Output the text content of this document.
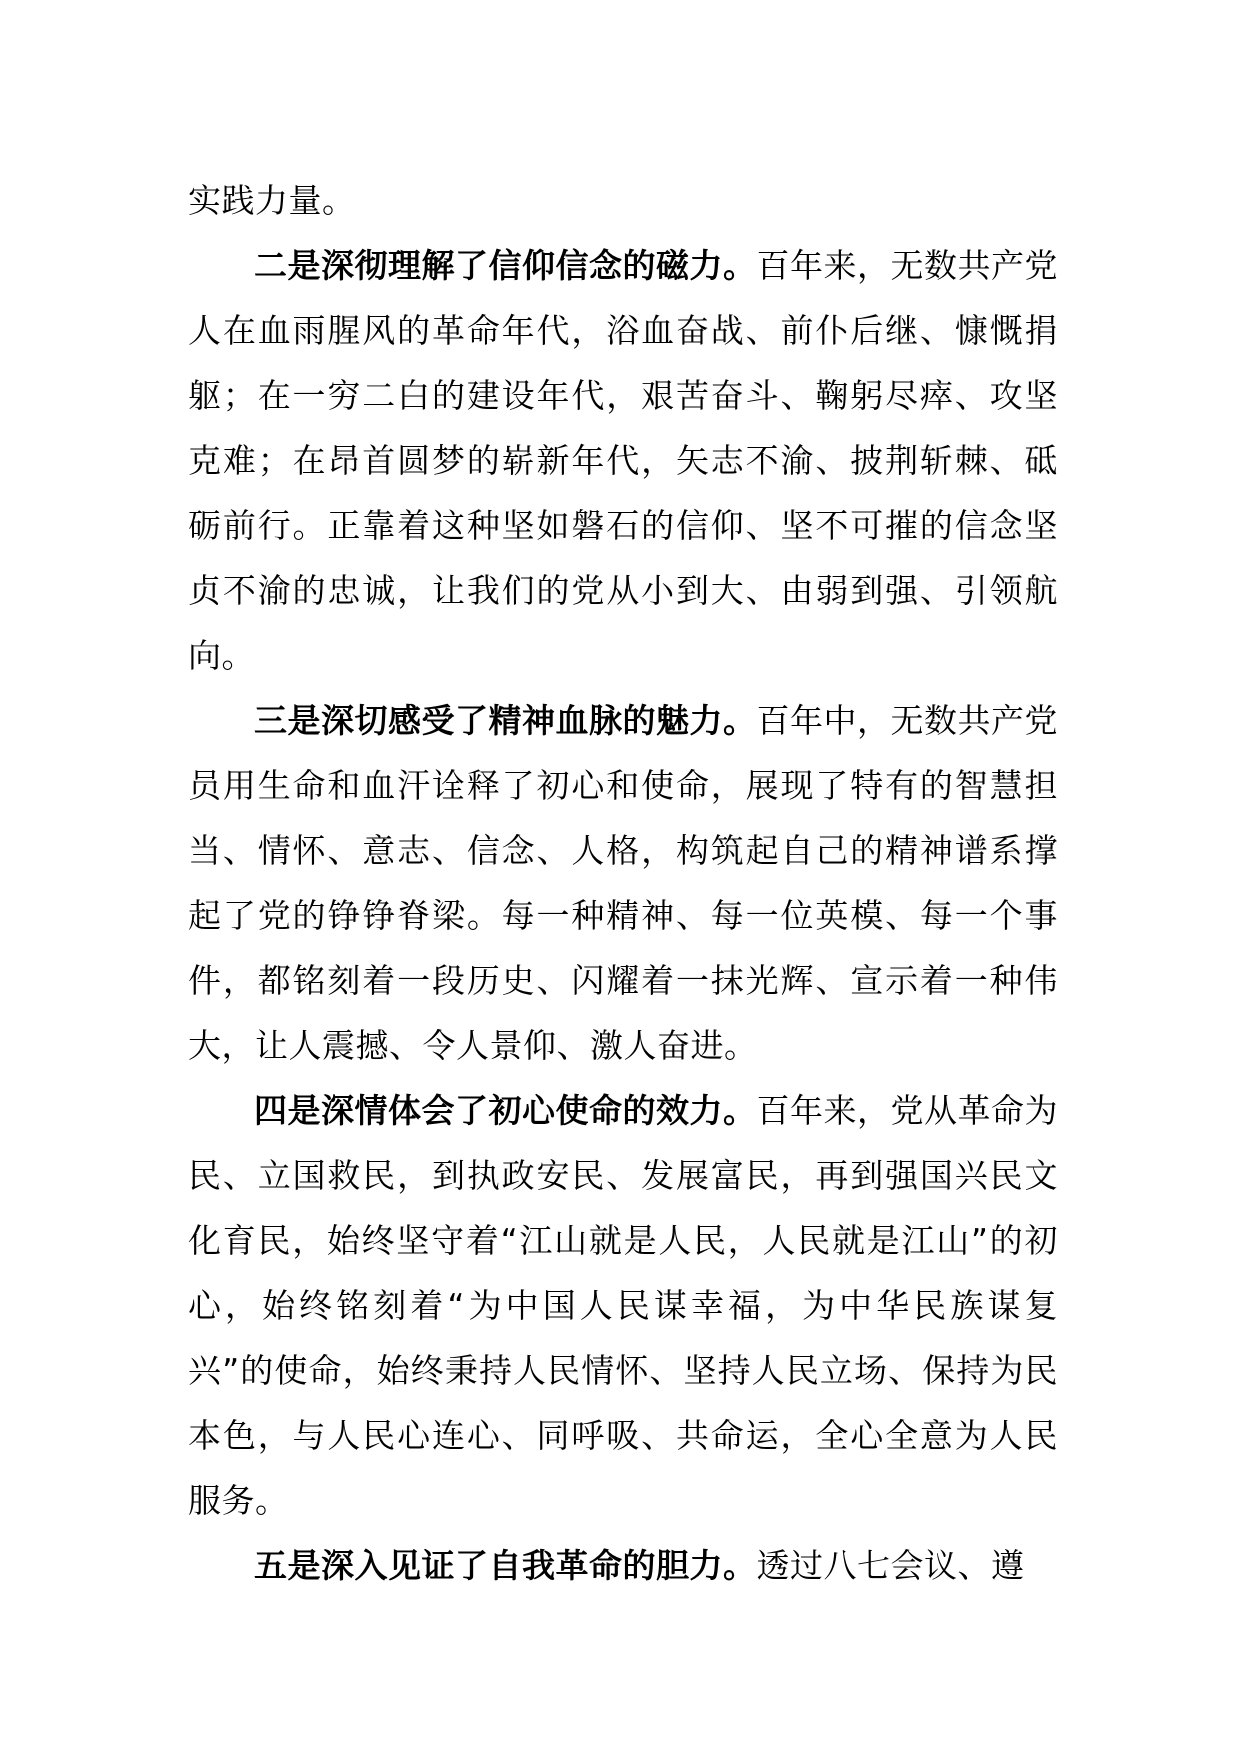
实践力量。

二是深彻理解了信仰信念的磁力。百年来，无数共产党人在血雨腥风的革命年代，浴血奋战、前仆后继、慷慨捐躯；在一穷二白的建设年代，艰苦奋斗、鞠躬尽瘁、攻坚克难；在昂首圆梦的崭新年代，矢志不渝、披荆斩棘、砥砺前行。正靠着这种坚如磐石的信仰、坚不可摧的信念坚贞不渝的忠诚，让我们的党从小到大、由弱到强、引领航向。

三是深切感受了精神血脉的魅力。百年中，无数共产党员用生命和血汗诠释了初心和使命，展现了特有的智慧担当、情怀、意志、信念、人格，构筑起自己的精神谱系撑起了党的铮铮脊梁。每一种精神、每一位英模、每一个事件，都铭刻着一段历史、闪耀着一抹光辉、宣示着一种伟大，让人震撼、令人景仰、激人奋进。

四是深情体会了初心使命的效力。百年来，党从革命为民、立国救民，到执政安民、发展富民，再到强国兴民文化育民，始终坚守着“江山就是人民，人民就是江山”的初心，始终铭刻着“为中国人民谋幸福，为中华民族谋复兴”的使命，始终秉持人民情怀、坚持人民立场、保持为民本色，与人民心连心、同呼吸、共命运，全心全意为人民服务。

五是深入见证了自我革命的胆力。透过八七会议、遵
